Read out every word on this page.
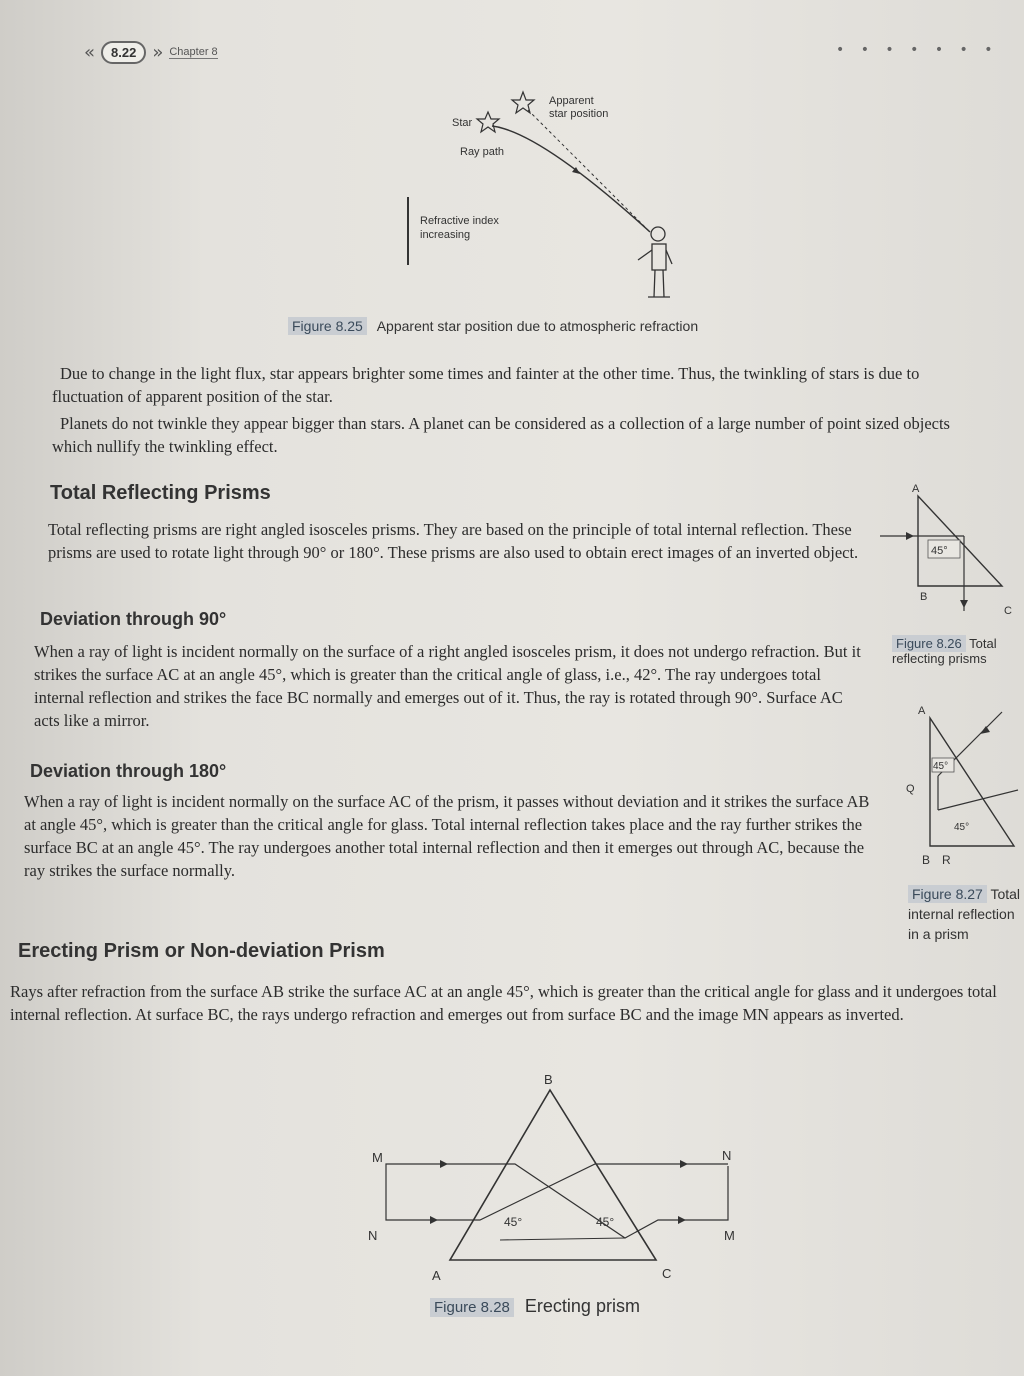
«	8.22 » Chapter 8	• • • • • • •
Star
Apparent
star position
Ray path
Refractive index
increasing
Figure 8.25 Apparent star position due to atmospheric refraction
Due to change in the light flux, star appears brighter some times and fainter at the other time. Thus, the twinkling of stars is due to fluctuation of apparent position of the star.
Planets do not twinkle they appear bigger than stars. A planet can be considered as a collection of a large number of point sized objects which nullify the twinkling effect.
Total Reflecting Prisms
Total reflecting prisms are right angled isosceles prisms. They are based on the principle of total internal reflection. These prisms are used to rotate light through 90° or 180°. These prisms are also used to obtain erect images of an inverted object.	45°
A
B
C
Figure 8.26 Total
reflecting prisms
Deviation through 90°
When a ray of light is incident normally on the surface of a right angled isosceles prism, it does not undergo refraction. But it strikes the surface AC at an angle 45°, which is greater than the critical angle of glass, i.e., 42°. The ray undergoes total internal reflection and strikes the face BC normally and emerges out of it. Thus, the ray is rotated through 90°. Surface AC acts like a mirror.
45°
45°
A
Q
B R
Figure 8.27 Total
internal reflection
in a prism
Deviation through 180°
When a ray of light is incident normally on the surface AC of the prism, it passes without deviation and it strikes the surface AB at angle 45°, which is greater than the critical angle for glass. Total internal reflection takes place and the ray further strikes the surface BC at an angle 45°. The ray undergoes another total internal reflection and then it emerges out through AC, because the ray strikes the surface normally.
Erecting Prism or Non-deviation Prism
Rays after refraction from the surface AB strike the surface AC at an angle 45°, which is greater than the critical angle for glass and it undergoes total internal reflection. At surface BC, the rays undergo refraction and emerges out from surface BC and the image MN appears as inverted.
B
A	C
M
N
N
M
45°	45°
Figure 8.28 Erecting prism
